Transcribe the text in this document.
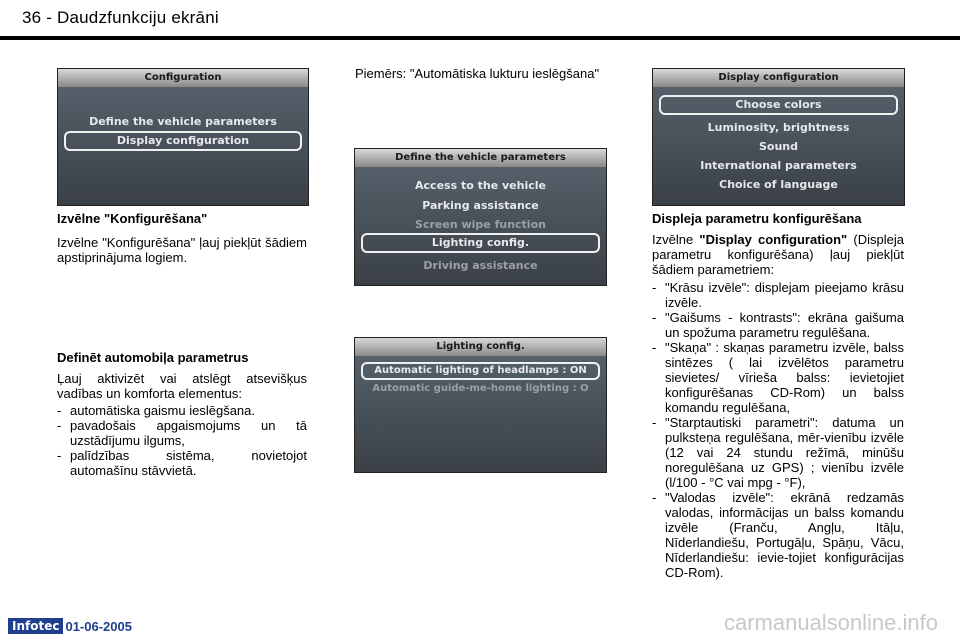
36 - Daudzfunkciju ekrāni
Configuration
Define the vehicle parameters
Display configuration
Define the vehicle parameters
Access to the vehicle
Parking assistance
Screen wipe function
Lighting config.
Driving assistance
Lighting config.
Automatic lighting of headlamps : ON
Automatic guide-me-home lighting : O
Display configuration
Choose colors
Luminosity, brightness
Sound
International parameters
Choice of language

Izvēlne "Konfigurēšana"

Izvēlne "Konfigurēšana" ļauj piekļūt šādiem apstiprinājuma logiem.

Definēt automobiļa parametrus

Ļauj aktivizēt vai atslēgt atsevišķus vadības un komforta elementus:

- automātiska gaismu ieslēgšana.
- pavadošais apgaismojums un tā uzstādījumu ilgums,
- palīdzības sistēma, novietojot automašīnu stāvvietā.
Piemērs: "Automātiska lukturu ieslēgšana"

Displeja parametru konfigurēšana

Izvēlne "Display configuration" (Displeja parametru konfigurēšana) ļauj piekļūt šādiem parametriem:

- "Krāsu izvēle": displejam pieejamo krāsu izvēle.
- "Gaišums - kontrasts": ekrāna gaišuma un spožuma parametru regulēšana.
- "Skaņa" : skaņas parametru izvēle, balss sintēzes ( lai izvēlētos parametru sievietes/ vīrieša balss: ievietojiet konfigurēšanas CD-Rom) un balss komandu regulēšana,
- "Starptautiski parametri": datuma un pulksteņa regulēšana, mēr-vienību izvēle (12 vai 24 stundu režīmā, minūšu noregulēšana uz GPS) ; vienību izvēle (l/100 - °C vai mpg - °F),
- "Valodas izvēle": ekrānā redzamās valodas, informācijas un balss komandu izvēle (Franču, Angļu, Itāļu, Nīderlandiešu, Portugāļu, Spāņu, Vācu, Nīderlandiešu: ievie-tojiet konfigurācijas CD-Rom).
Infotec 01-06-2005	carmanualsonline.info
